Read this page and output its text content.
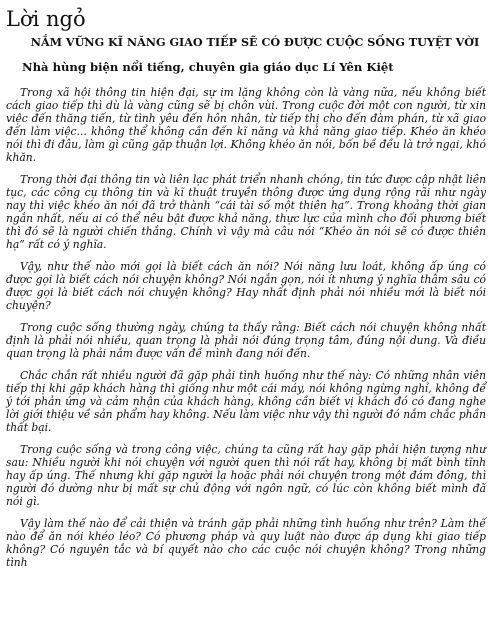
Lời ngỏ
NẮM VỮNG KĨ NĂNG GIAO TIẾP SẼ CÓ ĐƯỢC CUỘC SỐNG TUYỆT VỜI
Nhà hùng biện nổi tiếng, chuyên gia giáo dục Lí Yên Kiệt

Trong xã hội thông tin hiện đại, sự im lặng không còn là vàng nữa, nếu không biết cách giao tiếp thì dù là vàng cũng sẽ bị chôn vùi. Trong cuộc đời một con người, từ xin việc đến thăng tiến, từ tình yêu đến hôn nhân, từ tiếp thị cho đến đàm phán, từ xã giao đến làm việc... không thể không cần đến kĩ năng và khả năng giao tiếp. Khéo ăn khéo nói thì đi đâu, làm gì cũng gặp thuận lợi. Không khéo ăn nói, bốn bề đều là trở ngại, khó khăn.

Trong thời đại thông tin và liên lạc phát triển nhanh chóng, tin tức được cập nhật liên tục, các công cụ thông tin và kĩ thuật truyền thông được ứng dụng rộng rãi như ngày nay thì việc khéo ăn nói đã trở thành “cái tài số một thiên hạ”. Trong khoảng thời gian ngắn nhất, nếu ai có thể nêu bật được khả năng, thực lực của mình cho đối phương biết thì đó sẽ là người chiến thắng. Chính vì vậy mà câu nói “Khéo ăn nói sẽ có được thiên hạ” rất có ý nghĩa.

Vậy, như thế nào mới gọi là biết cách ăn nói? Nói năng lưu loát, không ấp úng có được gọi là biết cách nói chuyện không? Nói ngắn gọn, nói ít nhưng ý nghĩa thâm sâu có được gọi là biết cách nói chuyện không? Hay nhất định phải nói nhiều mới là biết nói chuyện?

Trong cuộc sống thường ngày, chúng ta thấy rằng: Biết cách nói chuyện không nhất định là phải nói nhiều, quan trọng là phải nói đúng trọng tâm, đúng nội dung. Và điều quan trọng là phải nắm được vấn đề mình đang nói đến.

Chắc chắn rất nhiều người đã gặp phải tình huống như thế này: Có những nhân viên tiếp thị khi gặp khách hàng thì giống như một cái máy, nói không ngừng nghỉ, không để ý tới phản ứng và cảm nhận của khách hàng, không cần biết vị khách đó có đang nghe lời giới thiệu về sản phẩm hay không. Nếu làm việc như vậy thì người đó nắm chắc phần thất bại.

Trong cuộc sống và trong công việc, chúng ta cũng rất hay gặp phải hiện tượng như sau: Nhiều người khi nói chuyện với người quen thì nói rất hay, không bị mất bình tĩnh hay ấp úng. Thế nhưng khi gặp người lạ hoặc phải nói chuyện trong một đám đông, thì người đó dường như bị mất sự chủ động với ngôn ngữ, có lúc còn không biết mình đã nói gì.

Vậy làm thế nào để cải thiện và tránh gặp phải những tình huống như trên? Làm thế nào để ăn nói khéo léo? Có phương pháp và quy luật nào được áp dụng khi giao tiếp không? Có nguyên tắc và bí quyết nào cho các cuộc nói chuyện không? Trong những tình
